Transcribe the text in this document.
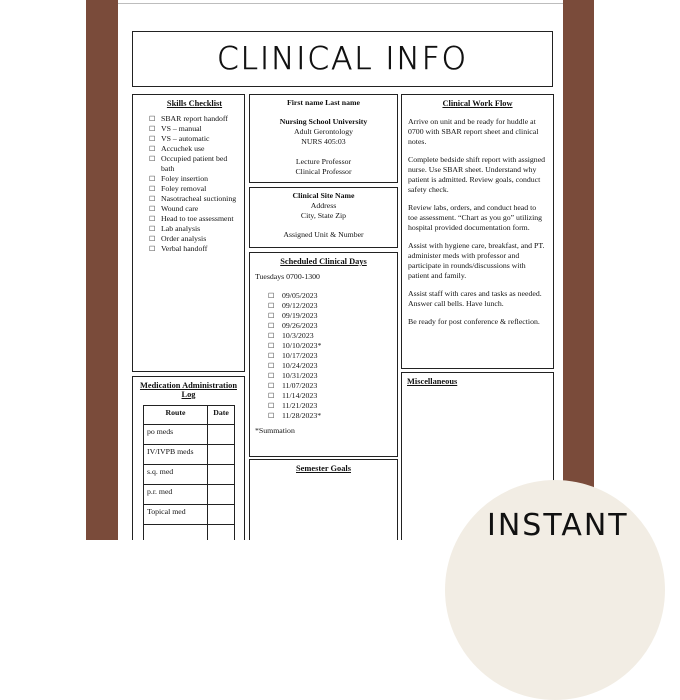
CLINICAL INFO
Skills Checklist
☐ SBAR report handoff
☐ VS – manual
☐ VS – automatic
☐ Accuchek use
☐ Occupied patient bed bath
☐ Foley insertion
☐ Foley removal
☐ Nasotracheal suctioning
☐ Wound care
☐ Head to toe assessment
☐ Lab analysis
☐ Order analysis
☐ Verbal handoff
Medication Administration Log
Route	Date
po meds	
IV/IVPB meds	
s.q. med	
p.r. med	
Topical med	

First name Last name
Nursing School University
Adult Gerontology
NURS 405:03
Lecture Professor
Clinical Professor
Clinical Site Name
Address
City, State Zip
Assigned Unit & Number
Scheduled Clinical Days
Tuesdays 0700-1300
☐ 09/05/2023
☐ 09/12/2023
☐ 09/19/2023
☐ 09/26/2023
☐ 10/3/2023
☐ 10/10/2023*
☐ 10/17/2023
☐ 10/24/2023
☐ 10/31/2023
☐ 11/07/2023
☐ 11/14/2023
☐ 11/21/2023
☐ 11/28/2023*
*Summation
Semester Goals
Clinical Work Flow

Arrive on unit and be ready for huddle at 0700 with SBAR report sheet and clinical notes.

Complete bedside shift report with assigned nurse. Use SBAR sheet. Understand why patient is admitted. Review goals, conduct safety check.

Review labs, orders, and conduct head to toe assessment. “Chart as you go” utilizing hospital provided documentation form.

Assist with hygiene care, breakfast, and PT. administer meds with professor and participate in rounds/discussions with patient and family.

Assist staff with cares and tasks as needed. Answer call bells. Have lunch.

Be ready for post conference & reflection.

Miscellaneous
INSTANT
